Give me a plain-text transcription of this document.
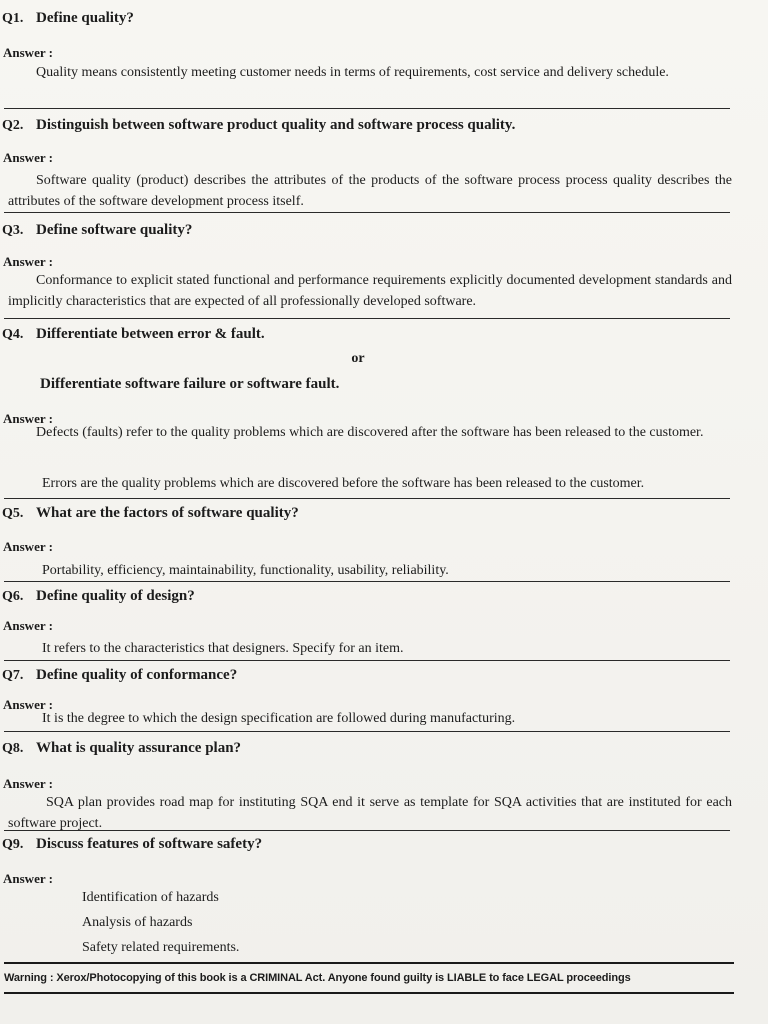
Q1. Define quality?
Answer :
Quality means consistently meeting customer needs in terms of requirements, cost service and delivery schedule.
Q2. Distinguish between software product quality and software process quality.
Answer :
Software quality (product) describes the attributes of the products of the software process process quality describes the attributes of the software development process itself.
Q3. Define software quality?
Answer :
Conformance to explicit stated functional and performance requirements explicitly documented development standards and implicitly characteristics that are expected of all professionally developed software.
Q4. Differentiate between error & fault.
or
Differentiate software failure or software fault.
Answer :
Defects (faults) refer to the quality problems which are discovered after the software has been released to the customer.
Errors are the quality problems which are discovered before the software has been released to the customer.
Q5. What are the factors of software quality?
Answer :
Portability, efficiency, maintainability, functionality, usability, reliability.
Q6. Define quality of design?
Answer :
It refers to the characteristics that designers. Specify for an item.
Q7. Define quality of conformance?
Answer :
It is the degree to which the design specification are followed during manufacturing.
Q8. What is quality assurance plan?
Answer :
SQA plan provides road map for instituting SQA end it serve as template for SQA activities that are instituted for each software project.
Q9. Discuss features of software safety?
Answer :
Identification of hazards
Analysis of hazards
Safety related requirements.
Warning : Xerox/Photocopying of this book is a CRIMINAL Act. Anyone found guilty is LIABLE to face LEGAL proceedings
